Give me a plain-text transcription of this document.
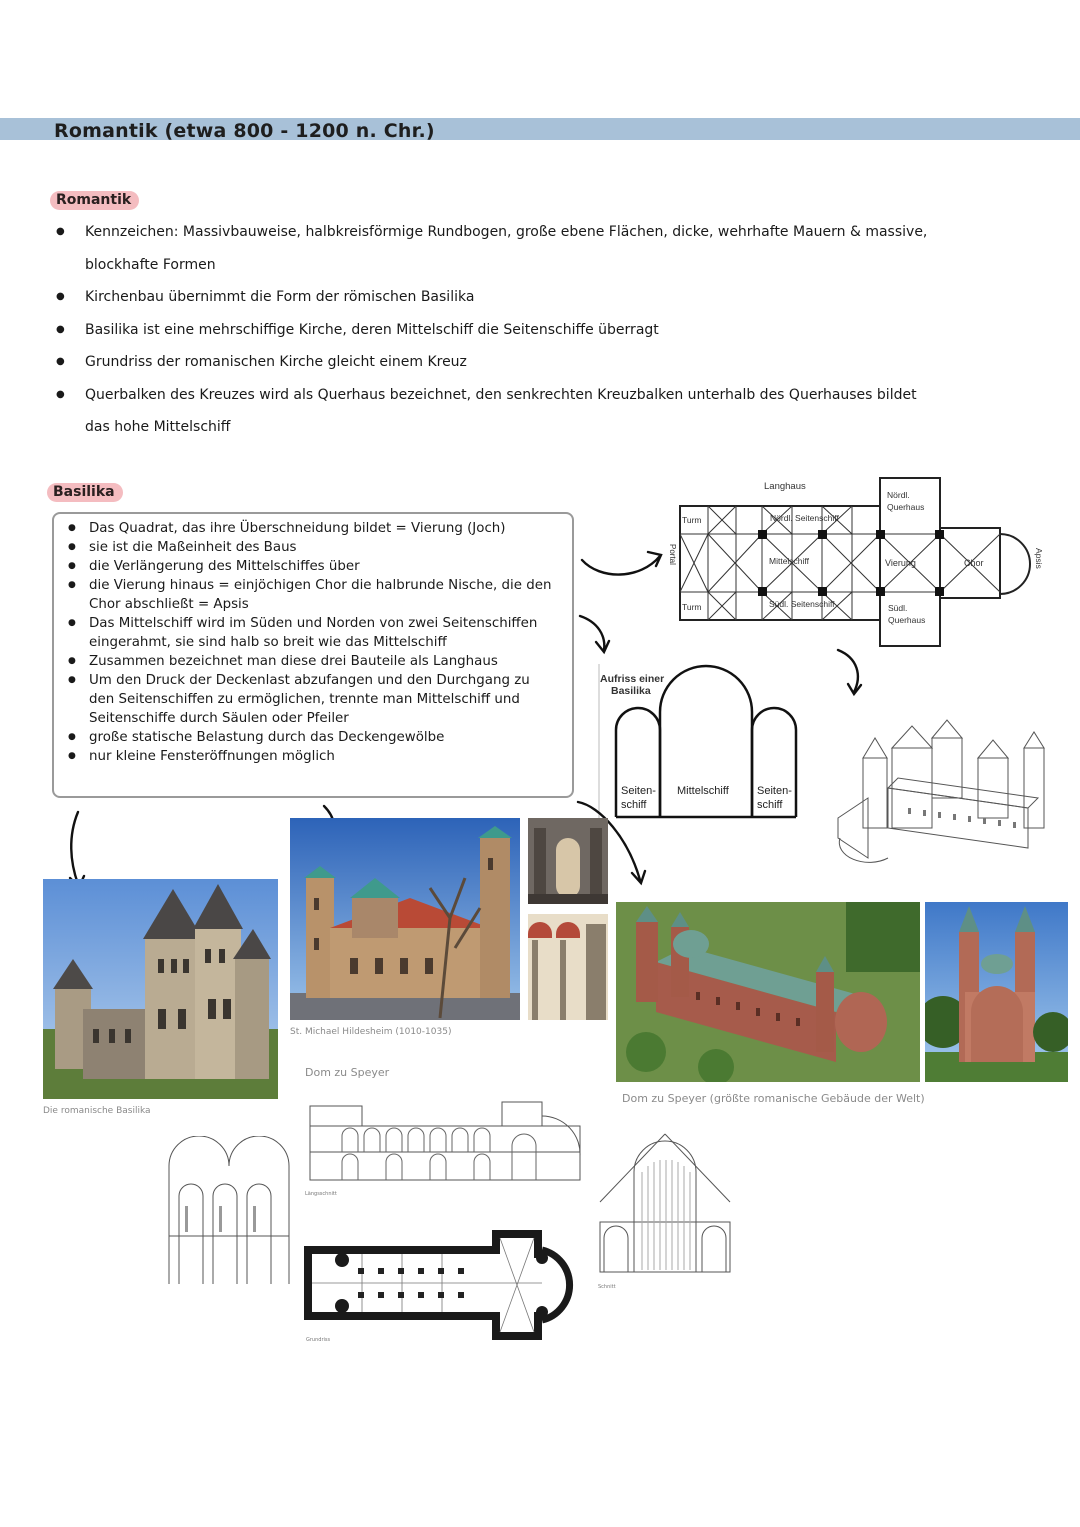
Romantik (etwa 800 - 1200 n. Chr.)
Romantik
● Kennzeichen: Massivbauweise, halbkreisförmige Rundbogen, große ebene Flächen, dicke, wehrhafte Mauern & massive, blockhafte Formen
● Kirchenbau übernimmt die Form der römischen Basilika
● Basilika ist eine mehrschiffige Kirche, deren Mittelschiff die Seitenschiffe überragt
● Grundriss der romanischen Kirche gleicht einem Kreuz
● Querbalken des Kreuzes wird als Querhaus bezeichnet, den senkrechten Kreuzbalken unterhalb des Querhauses bildet das hohe Mittelschiff
Basilika
● Das Quadrat, das ihre Überschneidung bildet = Vierung (Joch)
● sie ist die Maßeinheit des Baus
● die Verlängerung des Mittelschiffes über
● die Vierung hinaus = einjöchigen Chor die halbrunde Nische, die den Chor abschließt = Apsis
● Das Mittelschiff wird im Süden und Norden von zwei Seitenschiffen eingerahmt, sie sind halb so breit wie das Mittelschiff
● Zusammen bezeichnet man diese drei Bauteile als Langhaus
● Um den Druck der Deckenlast abzufangen und den Durchgang zu den Seitenschiffen zu ermöglichen, trennte man Mittelschiff und Seitenschiffe durch Säulen oder Pfeiler
● große statische Belastung durch das Deckengewölbe
● nur kleine Fensteröffnungen möglich
Langhaus
Turm
Turm
Portal
Nördl. Seitenschiff
Mittelschiff
Südl. Seitenschiff
Nördl.
Querhaus
Vierung	Chor
Südl.
Querhaus
Apsis
Aufriss einer
Basilika
Seiten-
schiff
Mittelschiff	Seiten-
schiff
Die romanische Basilika
St. Michael Hildesheim (1010-1035)
Dom zu Speyer (größte romanische Gebäude der Welt)
Dom zu Speyer
Längsschnitt
Grundriss
Schnitt
